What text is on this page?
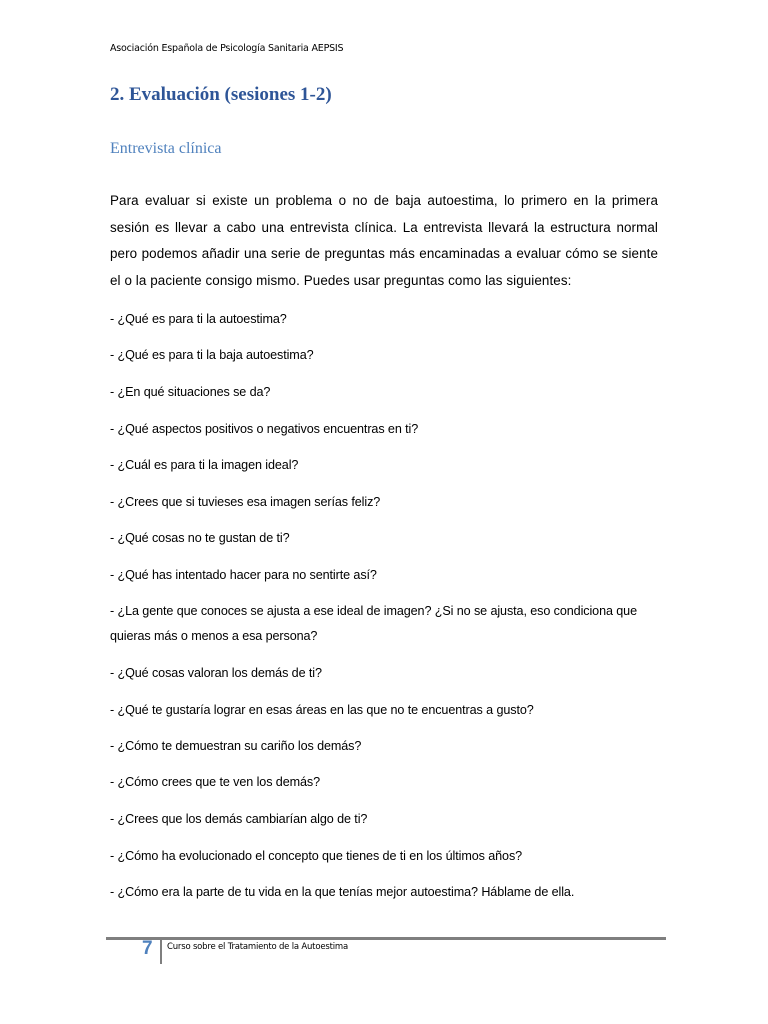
Asociación Española de Psicología Sanitaria AEPSIS
2. Evaluación (sesiones 1-2)
Entrevista clínica
Para evaluar si existe un problema o no de baja autoestima, lo primero en la primera sesión es llevar a cabo una entrevista clínica. La entrevista llevará la estructura normal pero podemos añadir una serie de preguntas más encaminadas a evaluar cómo se siente el o la paciente consigo mismo. Puedes usar preguntas como las siguientes:
- ¿Qué es para ti la autoestima?
- ¿Qué es para ti la baja autoestima?
- ¿En qué situaciones se da?
- ¿Qué aspectos positivos o negativos encuentras en ti?
- ¿Cuál es para ti la imagen ideal?
- ¿Crees que si tuvieses esa imagen serías feliz?
- ¿Qué cosas no te gustan de ti?
- ¿Qué has intentado hacer para no sentirte así?
- ¿La gente que conoces se ajusta a ese ideal de imagen? ¿Si no se ajusta, eso condiciona que quieras más o menos a esa persona?
- ¿Qué cosas valoran los demás de ti?
- ¿Qué te gustaría lograr en esas áreas en las que no te encuentras a gusto?
- ¿Cómo te demuestran su cariño los demás?
- ¿Cómo crees que te ven los demás?
- ¿Crees que los demás cambiarían algo de ti?
- ¿Cómo ha evolucionado el concepto que tienes de ti en los últimos años?
- ¿Cómo era la parte de tu vida en la que tenías mejor autoestima? Háblame de ella.
7 Curso sobre el Tratamiento de la Autoestima
